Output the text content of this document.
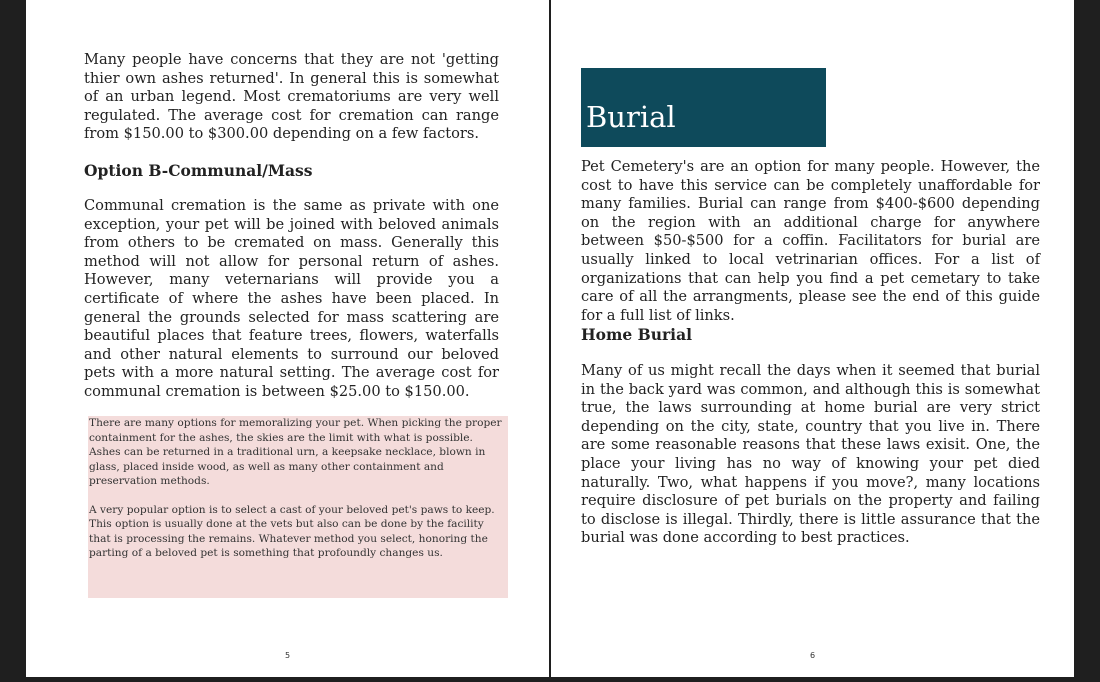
Many people have concerns that they are not 'getting thier own ashes returned'. In general this is somewhat of an urban legend. Most crematoriums are very well regulated. The average cost for cremation can range from $150.00 to $300.00 depending on a few factors.

Option B-Communal/Mass

Communal cremation is the same as private with one exception, your pet will be joined with beloved animals from others to be cremated on mass. Generally this method will not allow for personal return of ashes. However, many veternarians will provide you a certificate of where the ashes have been placed. In general the grounds selected for mass scattering are beautiful places that feature trees, flowers, waterfalls and other natural elements to surround our beloved pets with a more natural setting. The average cost for communal cremation is between $25.00 to $150.00.

There are many options for memoralizing your pet. When picking the proper containment for the ashes, the skies are the limit with what is possible. Ashes can be returned in a traditional urn, a keepsake necklace, blown in glass, placed inside wood, as well as many other containment and preservation methods.

A very popular option is to select a cast of your beloved pet's paws to keep. This option is usually done at the vets but also can be done by the facility that is processing the remains. Whatever method you select, honoring the parting of a beloved pet is something that profoundly changes us.

5
Burial

Pet Cemetery's are an option for many people. However, the cost to have this service can be completely unaffordable for many families. Burial can range from $400-$600 depending on the region with an additional charge for anywhere between $50-$500 for a coffin. Facilitators for burial are usually linked to local vetrinarian offices. For a list of organizations that can help you find a pet cemetary to take care of all the arrangments, please see the end of this guide for a full list of links.

Home Burial

Many of us might recall the days when it seemed that burial in the back yard was common, and although this is somewhat true, the laws surrounding at home burial are very strict depending on the city, state, country that you live in. There are some reasonable reasons that these laws exisit. One, the place your living has no way of knowing your pet died naturally. Two, what happens if you move?, many locations require disclosure of pet burials on the property and failing to disclose is illegal. Thirdly, there is little assurance that the burial was done according to best practices.

6
